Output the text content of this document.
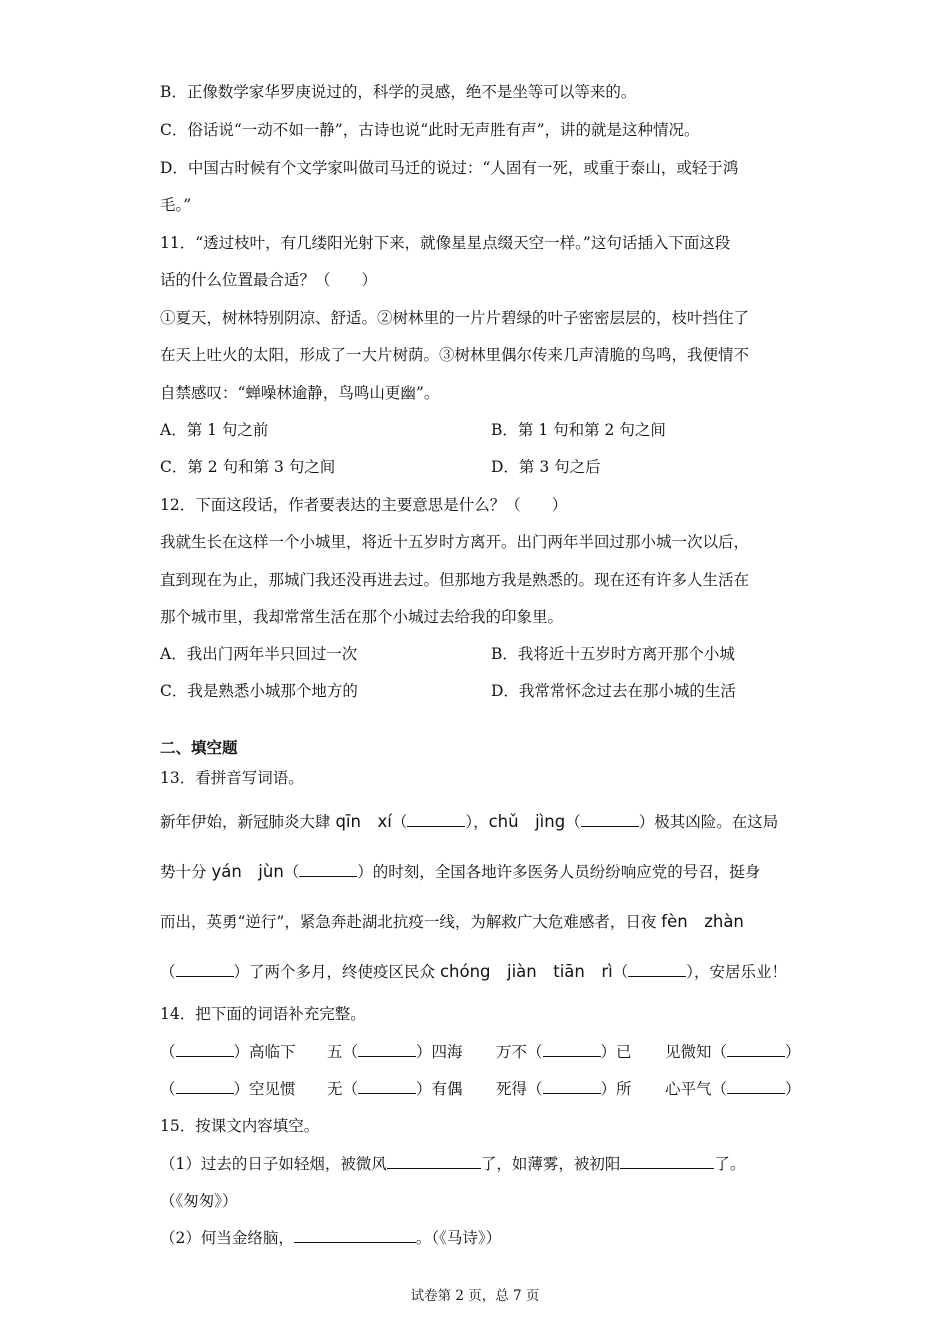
B．正像数学家华罗庚说过的，科学的灵感，绝不是坐等可以等来的。
C．俗话说“一动不如一静”，古诗也说“此时无声胜有声”，讲的就是这种情况。
D．中国古时候有个文学家叫做司马迁的说过：“人固有一死，或重于泰山，或轻于鸿
毛。”
11．“透过枝叶，有几缕阳光射下来，就像星星点缀天空一样。”这句话插入下面这段
话的什么位置最合适？（　　）
①夏天，树林特别阴凉、舒适。②树林里的一片片碧绿的叶子密密层层的，枝叶挡住了
在天上吐火的太阳，形成了一大片树荫。③树林里偶尔传来几声清脆的鸟鸣，我便情不
自禁感叹：“蝉噪林逾静，鸟鸣山更幽”。
A．第 1 句之前	B．第 1 句和第 2 句之间
C．第 2 句和第 3 句之间	D．第 3 句之后
12．下面这段话，作者要表达的主要意思是什么？（　　）
我就生长在这样一个小城里，将近十五岁时方离开。出门两年半回过那小城一次以后，
直到现在为止，那城门我还没再进去过。但那地方我是熟悉的。现在还有许多人生活在
那个城市里，我却常常生活在那个小城过去给我的印象里。
A．我出门两年半只回过一次	B．我将近十五岁时方离开那个小城
C．我是熟悉小城那个地方的	D．我常常怀念过去在那小城的生活
二、填空题
13．看拼音写词语。
新年伊始，新冠肺炎大肆 qīn　xí（	），chǔ　jìng（	）极其凶险。在这局
势十分 yán　jùn（	）的时刻，全国各地许多医务人员纷纷响应党的号召，挺身
而出，英勇“逆行”，紧急奔赴湖北抗疫一线，为解救广大危难感者，日夜 fèn　zhàn
（	）了两个多月，终使疫区民众 chóng　jiàn　tiān　rì（	），安居乐业！
14．把下面的词语补充完整。
（	）高临下 五（	）四海 万不（	）已 见微知（	）
（	）空见惯 无（	）有偶 死得（	）所 心平气（	）
15．按课文内容填空。
（1）过去的日子如轻烟，被微风	了，如薄雾，被初阳	了。
（《匆匆》）
（2）何当金络脑，	。（《马诗》）
试卷第 2 页，总 7 页
